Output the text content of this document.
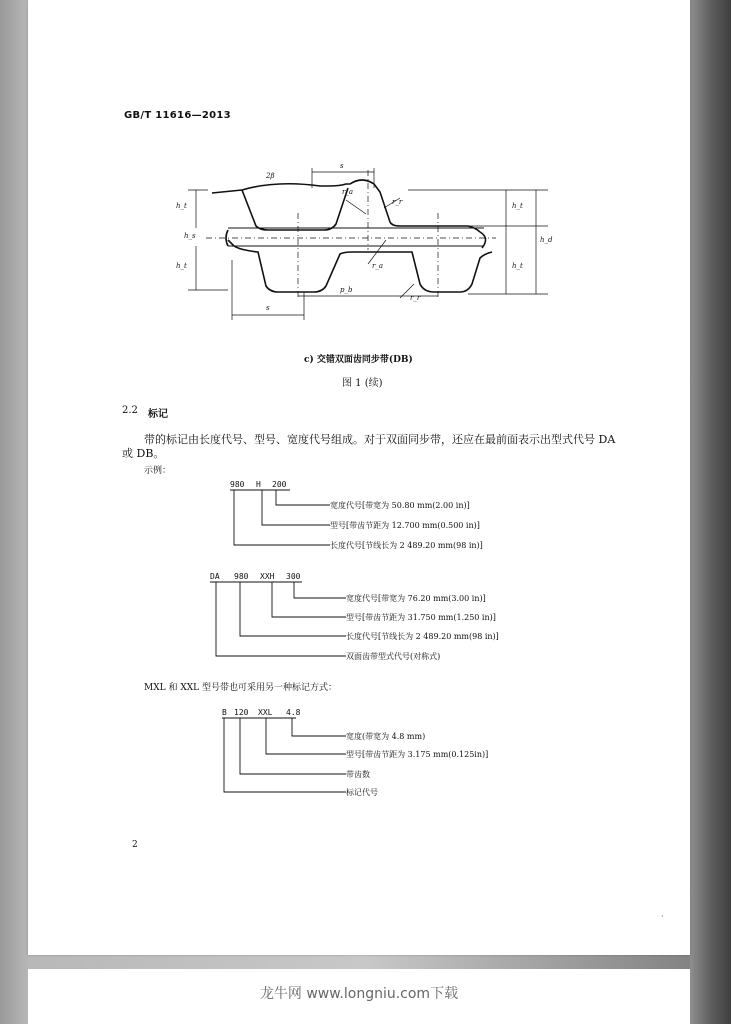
GB/T 11616—2013
2β
s
s
h_t
h_d
h_t
p_b
r_a
r_r
r_a
h_t
h_t
r_r
h_s
c) 交错双面齿同步带(DB)
图 1 (续)
2.2 标记
带的标记由长度代号、型号、宽度代号组成。对于双面同步带，还应在最前面表示出型式代号 DA
或 DB。
示例：
980 H 200
宽度代号[带宽为 50.80 mm(2.00 in)]
型号[带齿节距为 12.700 mm(0.500 in)]
长度代号[节线长为 2 489.20 mm(98 in)]
DA 980 XXH 300
宽度代号[带宽为 76.20 mm(3.00 in)]
型号[带齿节距为 31.750 mm(1.250 in)]
长度代号[节线长为 2 489.20 mm(98 in)]
双面齿带型式代号(对称式)
MXL 和 XXL 型号带也可采用另一种标记方式：
B 120 XXL 4.8
宽度(带宽为 4.8 mm)
型号[带齿节距为 3.175 mm(0.125in)]
带齿数
标记代号
2
·
龙牛网 www.longniu.com下载
